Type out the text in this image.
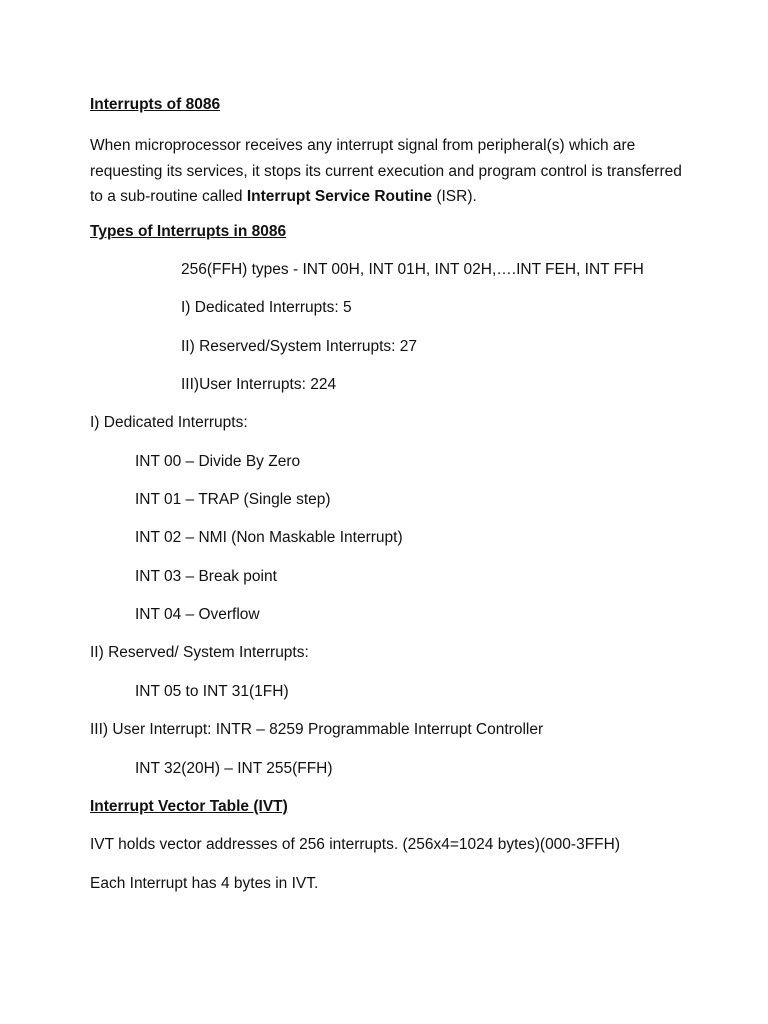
Interrupts of 8086
When microprocessor receives any interrupt signal from peripheral(s) which are requesting its services, it stops its current execution and program control is transferred to a sub-routine called Interrupt Service Routine (ISR).
Types of Interrupts in 8086
256(FFH) types - INT 00H, INT 01H, INT 02H,….INT FEH, INT FFH
I) Dedicated Interrupts: 5
II) Reserved/System Interrupts: 27
III)User Interrupts: 224
I) Dedicated Interrupts:
INT 00 – Divide By Zero
INT 01 – TRAP (Single step)
INT 02 – NMI (Non Maskable Interrupt)
INT 03 – Break point
INT 04 – Overflow
II) Reserved/ System Interrupts:
INT 05 to INT 31(1FH)
III) User Interrupt: INTR – 8259 Programmable Interrupt Controller
INT 32(20H) – INT 255(FFH)
Interrupt Vector Table (IVT)
IVT holds vector addresses of 256 interrupts. (256x4=1024 bytes)(000-3FFH)
Each Interrupt has 4 bytes in IVT.
